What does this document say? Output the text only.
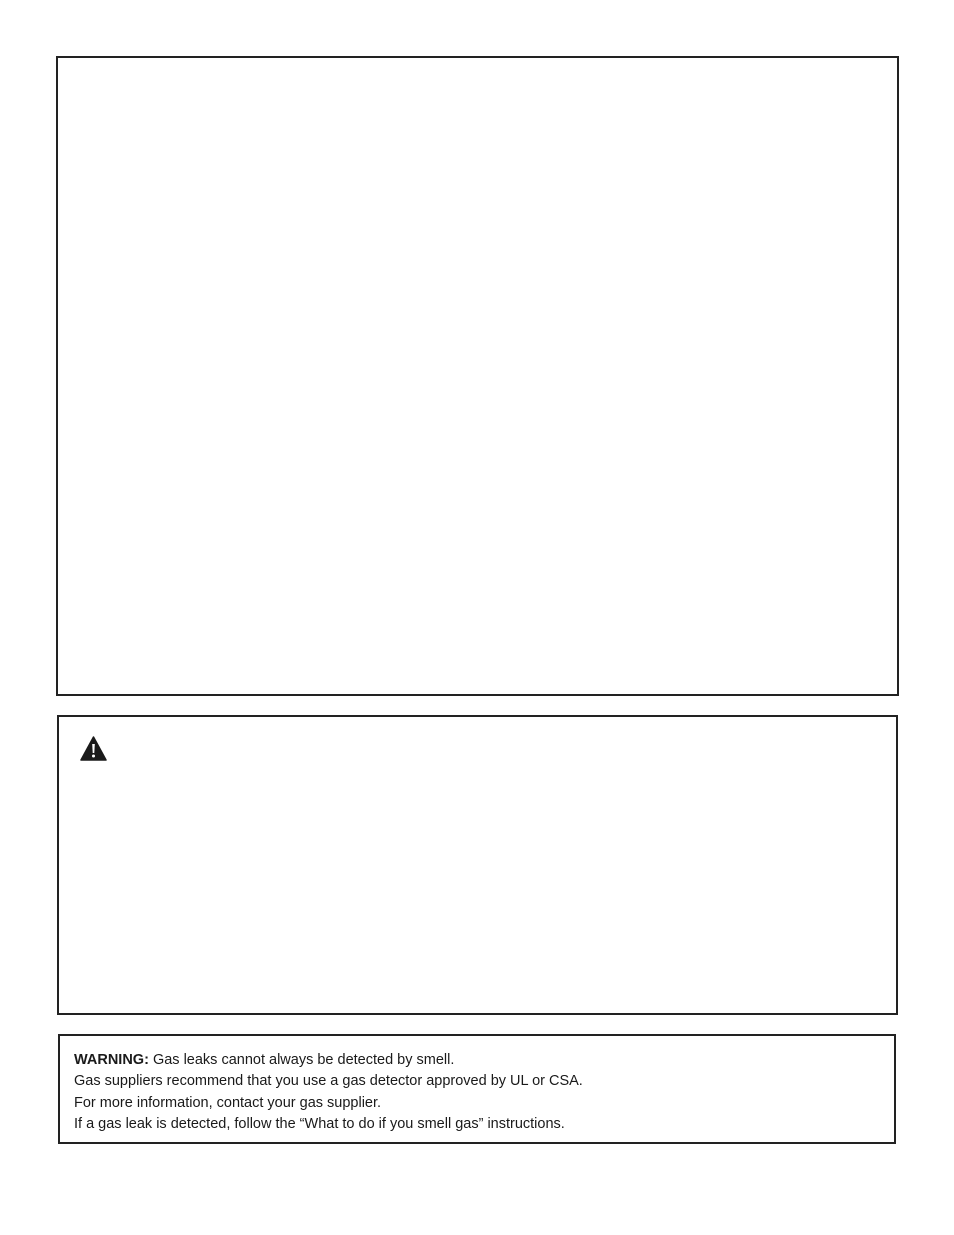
WARNING: Gas leaks cannot always be detected by smell.
Gas suppliers recommend that you use a gas detector approved by UL or CSA.
For more information, contact your gas supplier.
If a gas leak is detected, follow the “What to do if you smell gas” instructions.
